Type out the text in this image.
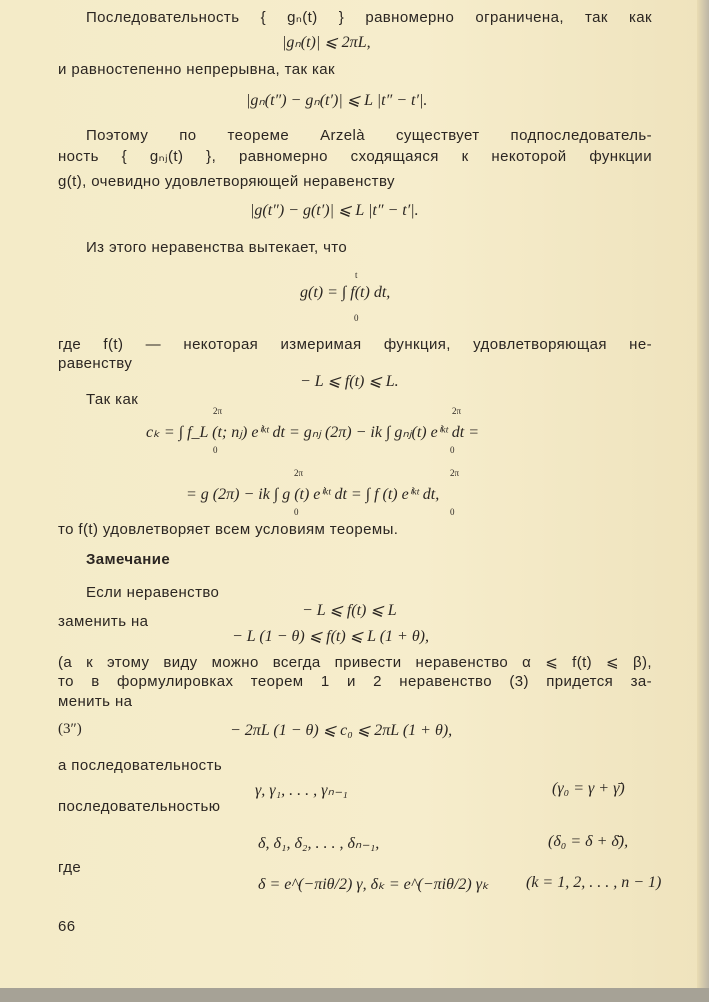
Последовательность { gₙ(t) } равномерно ограничена, так как
|gₙ(t)| ⩽ 2πL,
и равностепенно непрерывна, так как
|gₙ(t″) − gₙ(t′)| ⩽ L |t″ − t′|.
Поэтому по теореме Arzelà существует подпоследователь-
ность { gₙⱼ(t) }, равномерно сходящаяся к некоторой функции
g(t), очевидно удовлетворяющей неравенству
|g(t″) − g(t′)| ⩽ L |t″ − t′|.
Из этого неравенства вытекает, что
t
g(t) = ∫ f(t) dt,
0
где f(t) — некоторая измеримая функция, удовлетворяющая не-
равенству
− L ⩽ f(t) ⩽ L.
Так как
2π	2π
cₖ = ∫ f_L (t; nⱼ) eⁱᵏᵗ dt = gₙⱼ (2π) − ik ∫ gₙⱼ(t) eⁱᵏᵗ dt =
0	0
2π	2π
= g (2π) − ik ∫ g (t) eⁱᵏᵗ dt = ∫ f (t) eⁱᵏᵗ dt,
0	0
то f(t) удовлетворяет всем условиям теоремы.
Замечание
Если неравенство
− L ⩽ f(t) ⩽ L
заменить на
− L (1 − θ) ⩽ f(t) ⩽ L (1 + θ),
(а к этому виду можно всегда привести неравенство α ⩽ f(t) ⩽ β),
то в формулировках теорем 1 и 2 неравенство (3) придется за-
менить на
(3″)	− 2πL (1 − θ) ⩽ c₀ ⩽ 2πL (1 + θ),
а последовательность
γ, γ₁, . . . , γₙ₋₁	(γ₀ = γ + γ̄)
последовательностью
δ, δ₁, δ₂, . . . , δₙ₋₁,	(δ₀ = δ + δ̄),
где
δ = e^(−πiθ/2) γ, δₖ = e^(−πiθ/2) γₖ (k = 1, 2, . . . , n − 1)
66
